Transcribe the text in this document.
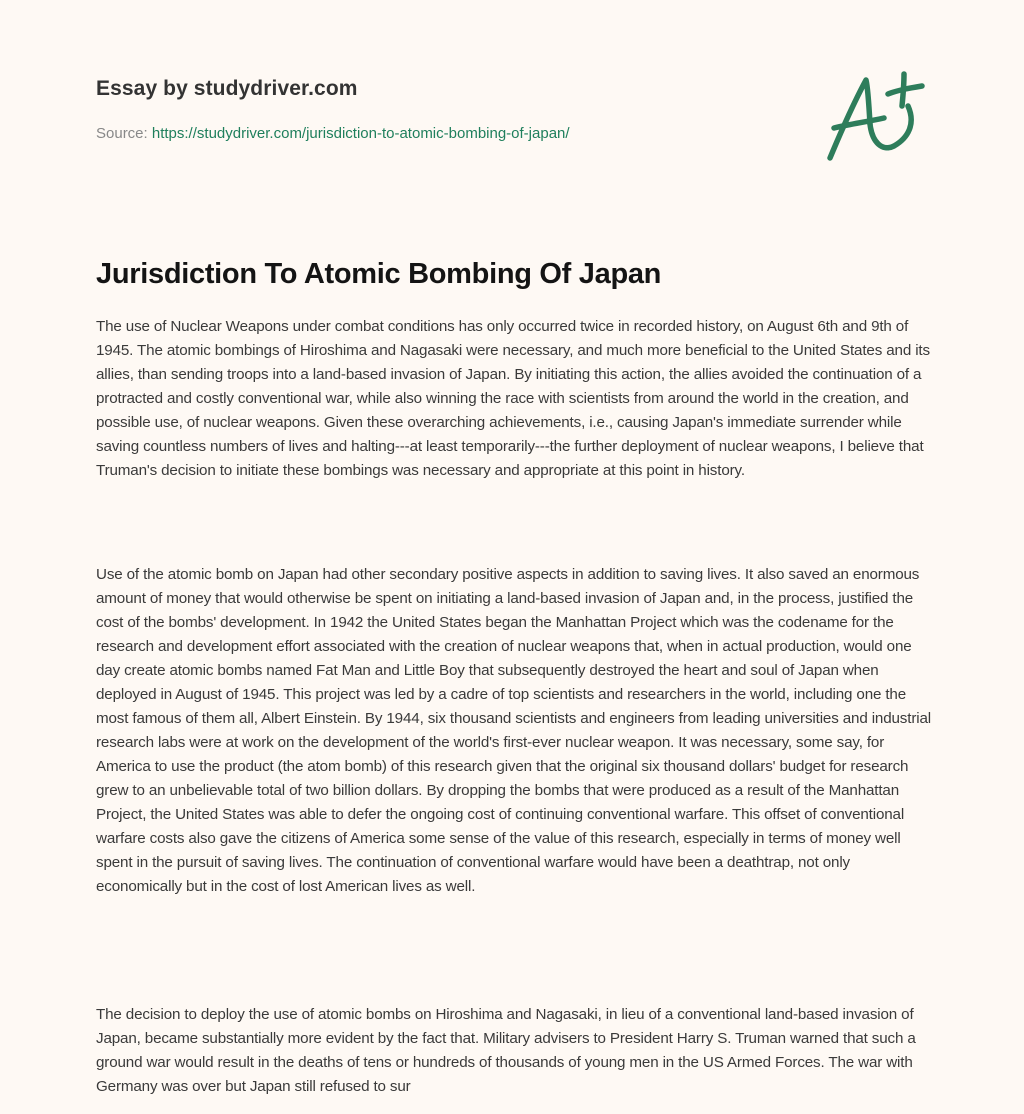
Essay by studydriver.com
Source: https://studydriver.com/jurisdiction-to-atomic-bombing-of-japan/
Jurisdiction To Atomic Bombing Of Japan

The use of Nuclear Weapons under combat conditions has only occurred twice in recorded history, on August 6th and 9th of 1945. The atomic bombings of Hiroshima and Nagasaki were necessary, and much more beneficial to the United States and its allies, than sending troops into a land-based invasion of Japan. By initiating this action, the allies avoided the continuation of a protracted and costly conventional war, while also winning the race with scientists from around the world in the creation, and possible use, of nuclear weapons. Given these overarching achievements, i.e., causing Japan's immediate surrender while saving countless numbers of lives and halting---at least temporarily---the further deployment of nuclear weapons, I believe that Truman's decision to initiate these bombings was necessary and appropriate at this point in history.

Use of the atomic bomb on Japan had other secondary positive aspects in addition to saving lives. It also saved an enormous amount of money that would otherwise be spent on initiating a land-based invasion of Japan and, in the process, justified the cost of the bombs' development. In 1942 the United States began the Manhattan Project which was the codename for the research and development effort associated with the creation of nuclear weapons that, when in actual production, would one day create atomic bombs named Fat Man and Little Boy that subsequently destroyed the heart and soul of Japan when deployed in August of 1945. This project was led by a cadre of top scientists and researchers in the world, including one the most famous of them all, Albert Einstein. By 1944, six thousand scientists and engineers from leading universities and industrial research labs were at work on the development of the world's first-ever nuclear weapon. It was necessary, some say, for America to use the product (the atom bomb) of this research given that the original six thousand dollars' budget for research grew to an unbelievable total of two billion dollars. By dropping the bombs that were produced as a result of the Manhattan Project, the United States was able to defer the ongoing cost of continuing conventional warfare. This offset of conventional warfare costs also gave the citizens of America some sense of the value of this research, especially in terms of money well spent in the pursuit of saving lives. The continuation of conventional warfare would have been a deathtrap, not only economically but in the cost of lost American lives as well.

The decision to deploy the use of atomic bombs on Hiroshima and Nagasaki, in lieu of a conventional land-based invasion of Japan, became substantially more evident by the fact that. Military advisers to President Harry S. Truman warned that such a ground war would result in the deaths of tens or hundreds of thousands of young men in the US Armed Forces. The war with Germany was over but Japan still refused to sur
